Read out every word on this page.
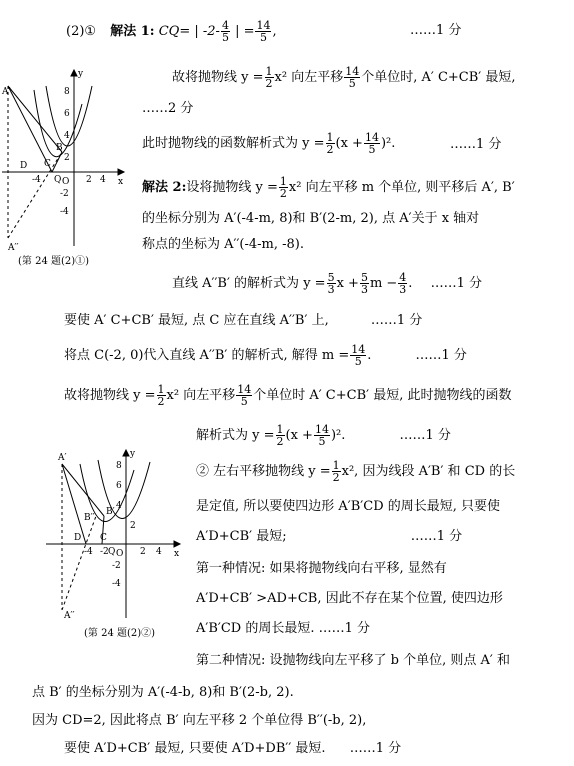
(2)① 解法 1: CQ= | $-2- \frac{4}{5}$ | = $\frac{14}{5}$ ,	……1 分
故将抛物线 $y = \frac{1}{2} x^2$ 向左平移 $\frac{14}{5}$ 个单位时, A′ C+CB′ 最短,
……2 分
此时抛物线的函数解析式为 $y = \frac{1}{2} (x + \frac{14}{5} )^2$.	……1 分
解法 2:设将抛物线 $y = \frac{1}{2} x^2$ 向左平移 m 个单位, 则平移后 A′, B′
的坐标分别为 A′(-4-m, 8)和 B′(2-m, 2), 点 A′关于 x 轴对
称点的坐标为 A′′(-4-m, -8).
直线 A′′B′ 的解析式为 $y = \frac{5}{3}$ $x + \frac{5}{3}$ $m - \frac{4}{3}$ . ……1 分
要使 A′ C+CB′ 最短, 点 C 应在直线 A′′B′ 上,	……1 分
将点 C(-2, 0)代入直线 A′′B′ 的解析式, 解得 $m = \frac{14}{5}$ .	……1 分
故将抛物线 $y = \frac{1}{2} x^2$ 向左平移 $\frac{14}{5}$ 个单位时 A′ C+CB′ 最短, 此时抛物线的函数
解析式为 $y = \frac{1}{2} (x + \frac{14}{5} )^2$.	……1 分
② 左右平移抛物线 $y = \frac{1}{2} x^2$, 因为线段 A′B′ 和 CD 的长
是定值, 所以要使四边形 A′B′CD 的周长最短, 只要使
A′D+CB′ 最短;	……1 分
第一种情况: 如果将抛物线向右平移, 显然有
A′D+CB′ >AD+CB, 因此不存在某个位置, 使四边形
A′B′CD 的周长最短. ……1 分
第二种情况: 设抛物线向左平移了 b 个单位, 则点 A′ 和
点 B′ 的坐标分别为 A′(-4-b, 8)和 B′(2-b, 2).
因为 CD=2, 因此将点 B′ 向左平移 2 个单位得 B′′(-b, 2),
要使 A′D+CB′ 最短, 只要使 A′D+DB′′ 最短. ……1 分
y
x
O
A′
A′′
B
D C
Q
8
6
4
2
-2
-4
2 4
-4
(第 24 题(2)①)
y
x
O
A′
A′′
B′
B′′
D C
Q
8
6
4
2
-2
-4
2 4
-4 -2
(第 24 题(2)②)
